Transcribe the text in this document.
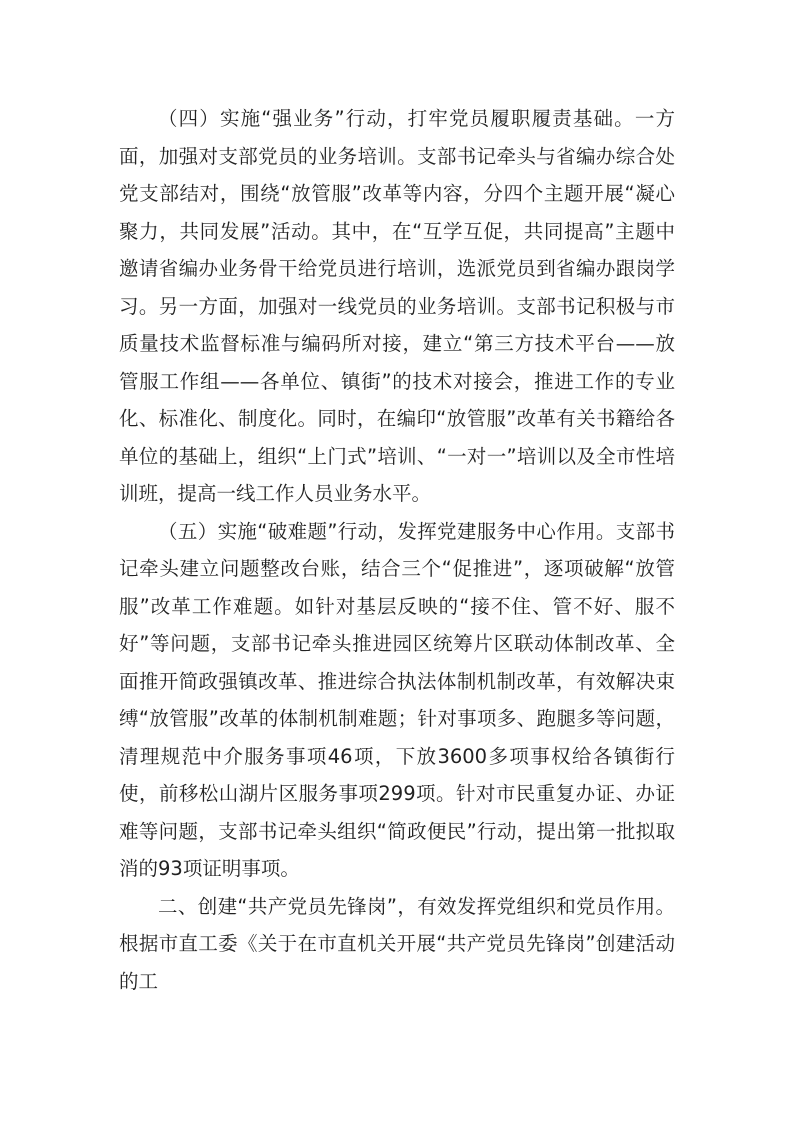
（四）实施“强业务”行动，打牢党员履职履责基础。一方面，加强对支部党员的业务培训。支部书记牵头与省编办综合处党支部结对，围绕“放管服”改革等内容，分四个主题开展“凝心聚力，共同发展”活动。其中，在“互学互促，共同提高”主题中邀请省编办业务骨干给党员进行培训，选派党员到省编办跟岗学习。另一方面，加强对一线党员的业务培训。支部书记积极与市质量技术监督标准与编码所对接，建立“第三方技术平台——放管服工作组——各单位、镇街”的技术对接会，推进工作的专业化、标准化、制度化。同时，在编印“放管服”改革有关书籍给各单位的基础上，组织“上门式”培训、“一对一”培训以及全市性培训班，提高一线工作人员业务水平。

（五）实施“破难题”行动，发挥党建服务中心作用。支部书记牵头建立问题整改台账，结合三个“促推进”，逐项破解“放管服”改革工作难题。如针对基层反映的“接不住、管不好、服不好”等问题，支部书记牵头推进园区统筹片区联动体制改革、全面推开简政强镇改革、推进综合执法体制机制改革，有效解决束缚“放管服”改革的体制机制难题；针对事项多、跑腿多等问题，清理规范中介服务事项46项，下放3600多项事权给各镇街行使，前移松山湖片区服务事项299项。针对市民重复办证、办证难等问题，支部书记牵头组织“简政便民”行动，提出第一批拟取消的93项证明事项。

二、创建“共产党员先锋岗”，有效发挥党组织和党员作用。根据市直工委《关于在市直机关开展“共产党员先锋岗”创建活动的工
